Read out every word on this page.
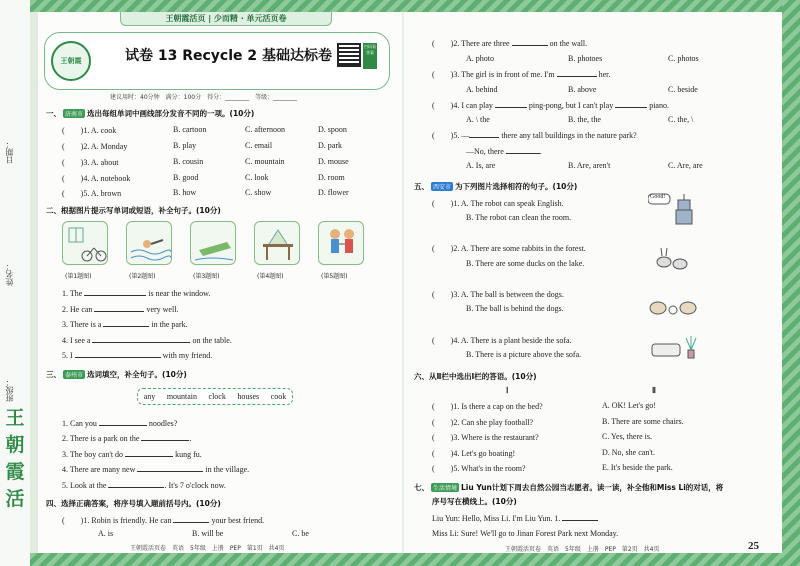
日期：
姓名：
班级：
王
朝
霞
活
王朝霞活页 | 少而精 · 单元活页卷
王朝霞	试卷 13 Recycle 2 基础达标卷
扫码看答案
建议用时：40分钟　满分：100分　得分：________　等级：________
一、 济南市 选出每组单词中画线部分发音不同的一项。(10分)
(　　)1. A. cook	B. cartoon	C. afternoon	D. spoon
(　　)2. A. Monday	B. play	C. email	D. park
(　　)3. A. about	B. cousin	C. mountain	D. mouse
(　　)4. A. notebook	B. good	C. look	D. room
(　　)5. A. brown	B. how	C. show	D. flower
二、根据图片提示写单词或短语，补全句子。(10分)
(第1题图)	(第2题图)	(第3题图)	(第4题图)	(第5题图)
1. The	is near the window.
2. He can	very well.
3. There is a	in the park.
4. I see a	on the table.
5. I	with my friend.
三、 泰州市 选词填空，补全句子。(10分)
any mountain clock houses cook
1. Can you	noodles?
2. There is a park on the	.
3. The boy can't do	kung fu.
4. There are many new	in the village.
5. Look at the	. It's 7 o'clock now.
四、选择正确答案，将序号填入题前括号内。(10分)
(　　)1. Robin is friendly. He can	your best friend.
A. is	B. will be	C. be
王朝霞活页卷　英语　5年级　上册　PEP　第1页　共4页
(　　)2. There are three	on the wall.
A. photo	B. photoes	C. photos
(　　)3. The girl is in front of me. I'm	her.
A. behind	B. above	C. beside
(　　)4. I can play	ping-pong, but I can't play	piano.
A. \ the	B. the, the	C. the, \
(　　)5. —	there any tall buildings in the nature park?
—No, there	.
A. Is, are	B. Are, aren't	C. Are, are
五、 西安市 为下列图片选择相符的句子。(10分)
(　　)1. A. The robot can speak English.
B. The robot can clean the room.
Good!
(　　)2. A. There are some rabbits in the forest.
B. There are some ducks on the lake.
(　　)3. A. The ball is between the dogs.
B. The ball is behind the dogs.
(　　)4. A. There is a plant beside the sofa.
B. There is a picture above the sofa.
六、从Ⅱ栏中选出Ⅰ栏的答语。(10分)
Ⅰ	Ⅱ
(　　)1. Is there a cap on the bed?	A. OK! Let's go!
(　　)2. Can she play football?	B. There are some chairs.
(　　)3. Where is the restaurant?	C. Yes, there is.
(　　)4. Let's go boating!	D. No, she can't.
(　　)5. What's in the room?	E. It's beside the park.
七、 生活情境 Liu Yun计划下周去自然公园当志愿者。读一读，补全他和Miss Li的对话，将
序号写在横线上。(10分)
Liu Yun: Hello, Miss Li. I'm Liu Yun. 1.
Miss Li: Sure! We'll go to Jinan Forest Park next Monday.
王朝霞活页卷　英语　5年级　上册　PEP　第2页　共4页	25
